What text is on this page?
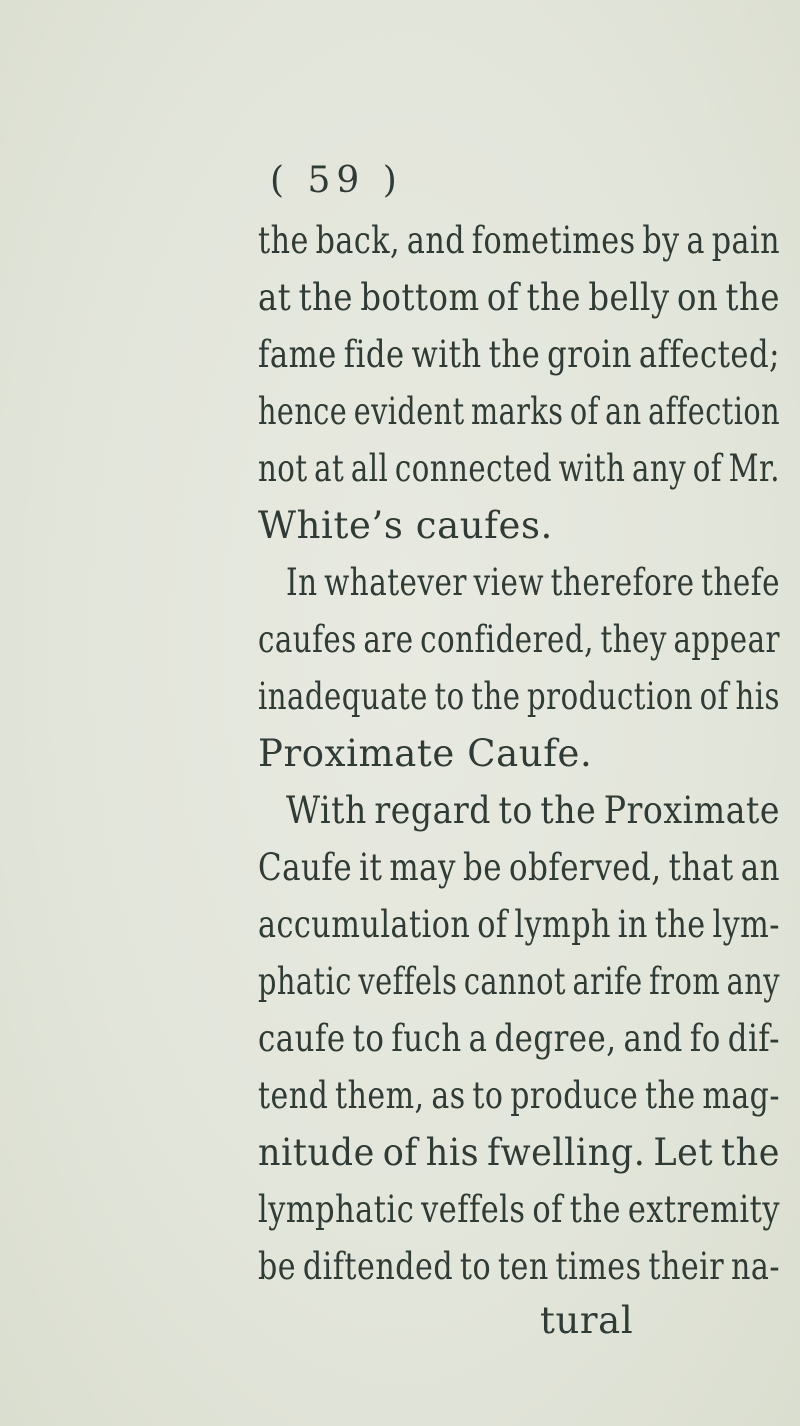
( 59 )
the back, and fometimes by a pain
at the bottom of the belly on the
fame fide with the groin affected;
hence evident marks of an affection
not at all connected with any of Mr.
White’s caufes.
In whatever view therefore thefe
caufes are confidered, they appear
inadequate to the production of his
Proximate Caufe.
With regard to the Proximate
Caufe it may be obferved, that an
accumulation of lymph in the lym-
phatic veffels cannot arife from any
caufe to fuch a degree, and fo dif-
tend them, as to produce the mag-
nitude of his fwelling. Let the
lymphatic veffels of the extremity
be diftended to ten times their na-
tural
